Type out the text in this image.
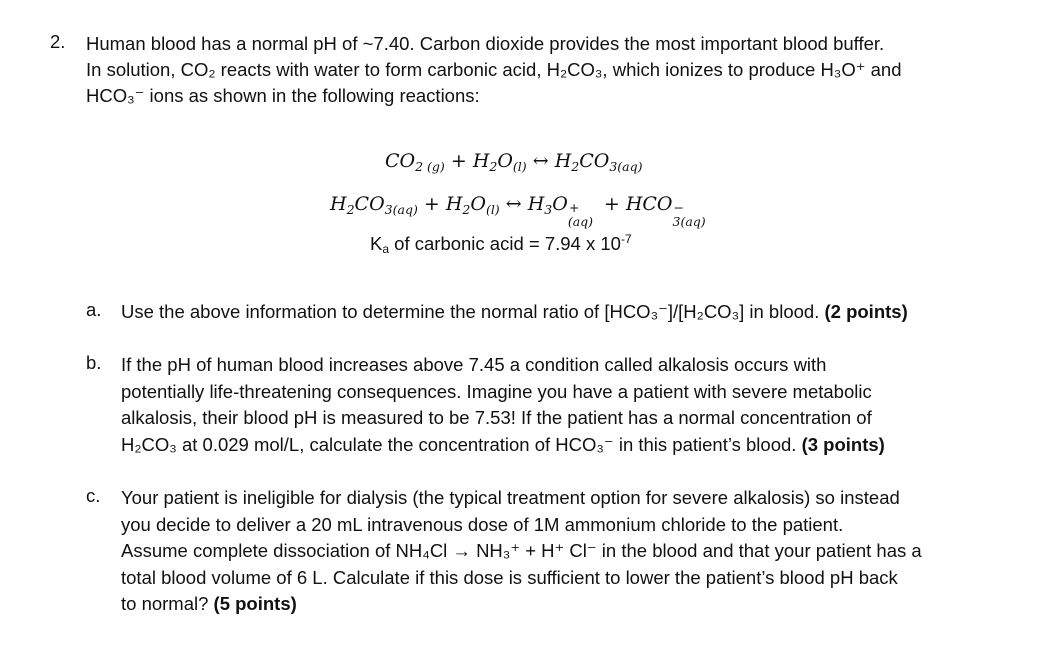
2. Human blood has a normal pH of ~7.40. Carbon dioxide provides the most important blood buffer.
In solution, CO₂ reacts with water to form carbonic acid, H₂CO₃, which ionizes to produce H₃O⁺ and
HCO₃⁻ ions as shown in the following reactions:
$CO_{2 (g)} + H_2O_{(l)}$ ↔ $H_2CO_{3(aq)}$
$H_2CO_{3(aq)} + H_2O_{(l)}$ ↔ $H_3O$ +
(aq)
+ HCO −
3(aq)
$K_a$ of carbonic acid = 7.94 x $10^{-7}$
a. Use the above information to determine the normal ratio of [HCO₃⁻]/[H₂CO₃] in blood. (2 points)
b. If the pH of human blood increases above 7.45 a condition called alkalosis occurs with
potentially life-threatening consequences. Imagine you have a patient with severe metabolic
alkalosis, their blood pH is measured to be 7.53! If the patient has a normal concentration of
H₂CO₃ at 0.029 mol/L, calculate the concentration of HCO₃⁻ in this patient’s blood. (3 points)
c. Your patient is ineligible for dialysis (the typical treatment option for severe alkalosis) so instead
you decide to deliver a 20 mL intravenous dose of 1M ammonium chloride to the patient.
Assume complete dissociation of NH₄Cl → NH₃⁺ + H⁺ Cl⁻ in the blood and that your patient has a
total blood volume of 6 L. Calculate if this dose is sufficient to lower the patient’s blood pH back
to normal? (5 points)
